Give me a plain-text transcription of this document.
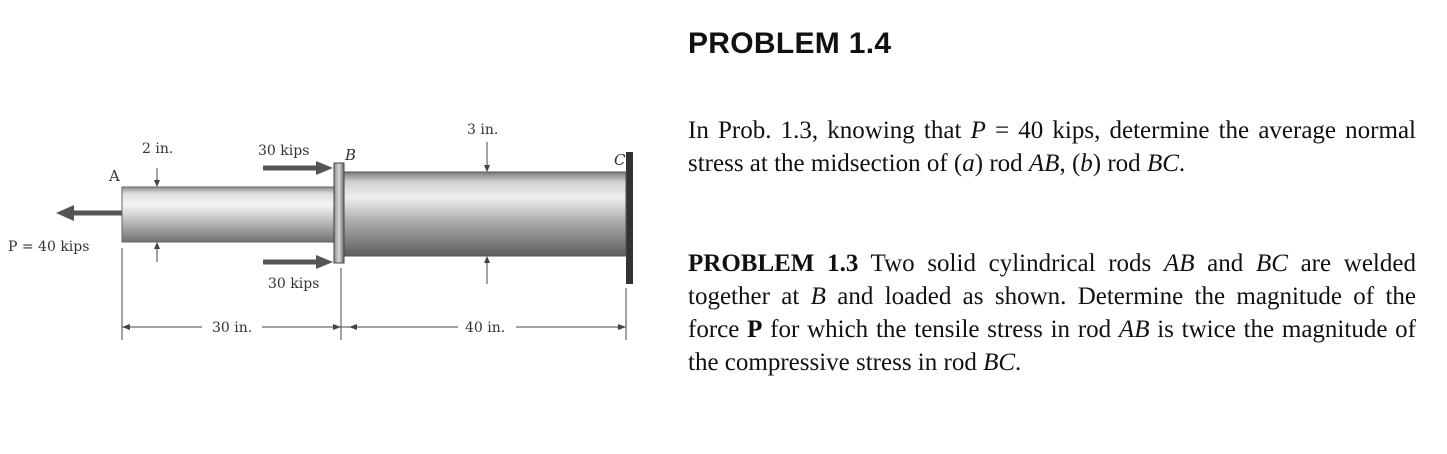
A
B	C
2 in.
3 in.
30 kips
30 kips
P = 40 kips
30 in.	40 in.
PROBLEM 1.4

In Prob. 1.3, knowing that P = 40 kips, determine the average normal stress at the midsection of (a) rod AB, (b) rod BC.

PROBLEM 1.3 Two solid cylindrical rods AB and BC are welded together at B and loaded as shown. Determine the magnitude of the force P for which the tensile stress in rod AB is twice the magnitude of the compressive stress in rod BC.
